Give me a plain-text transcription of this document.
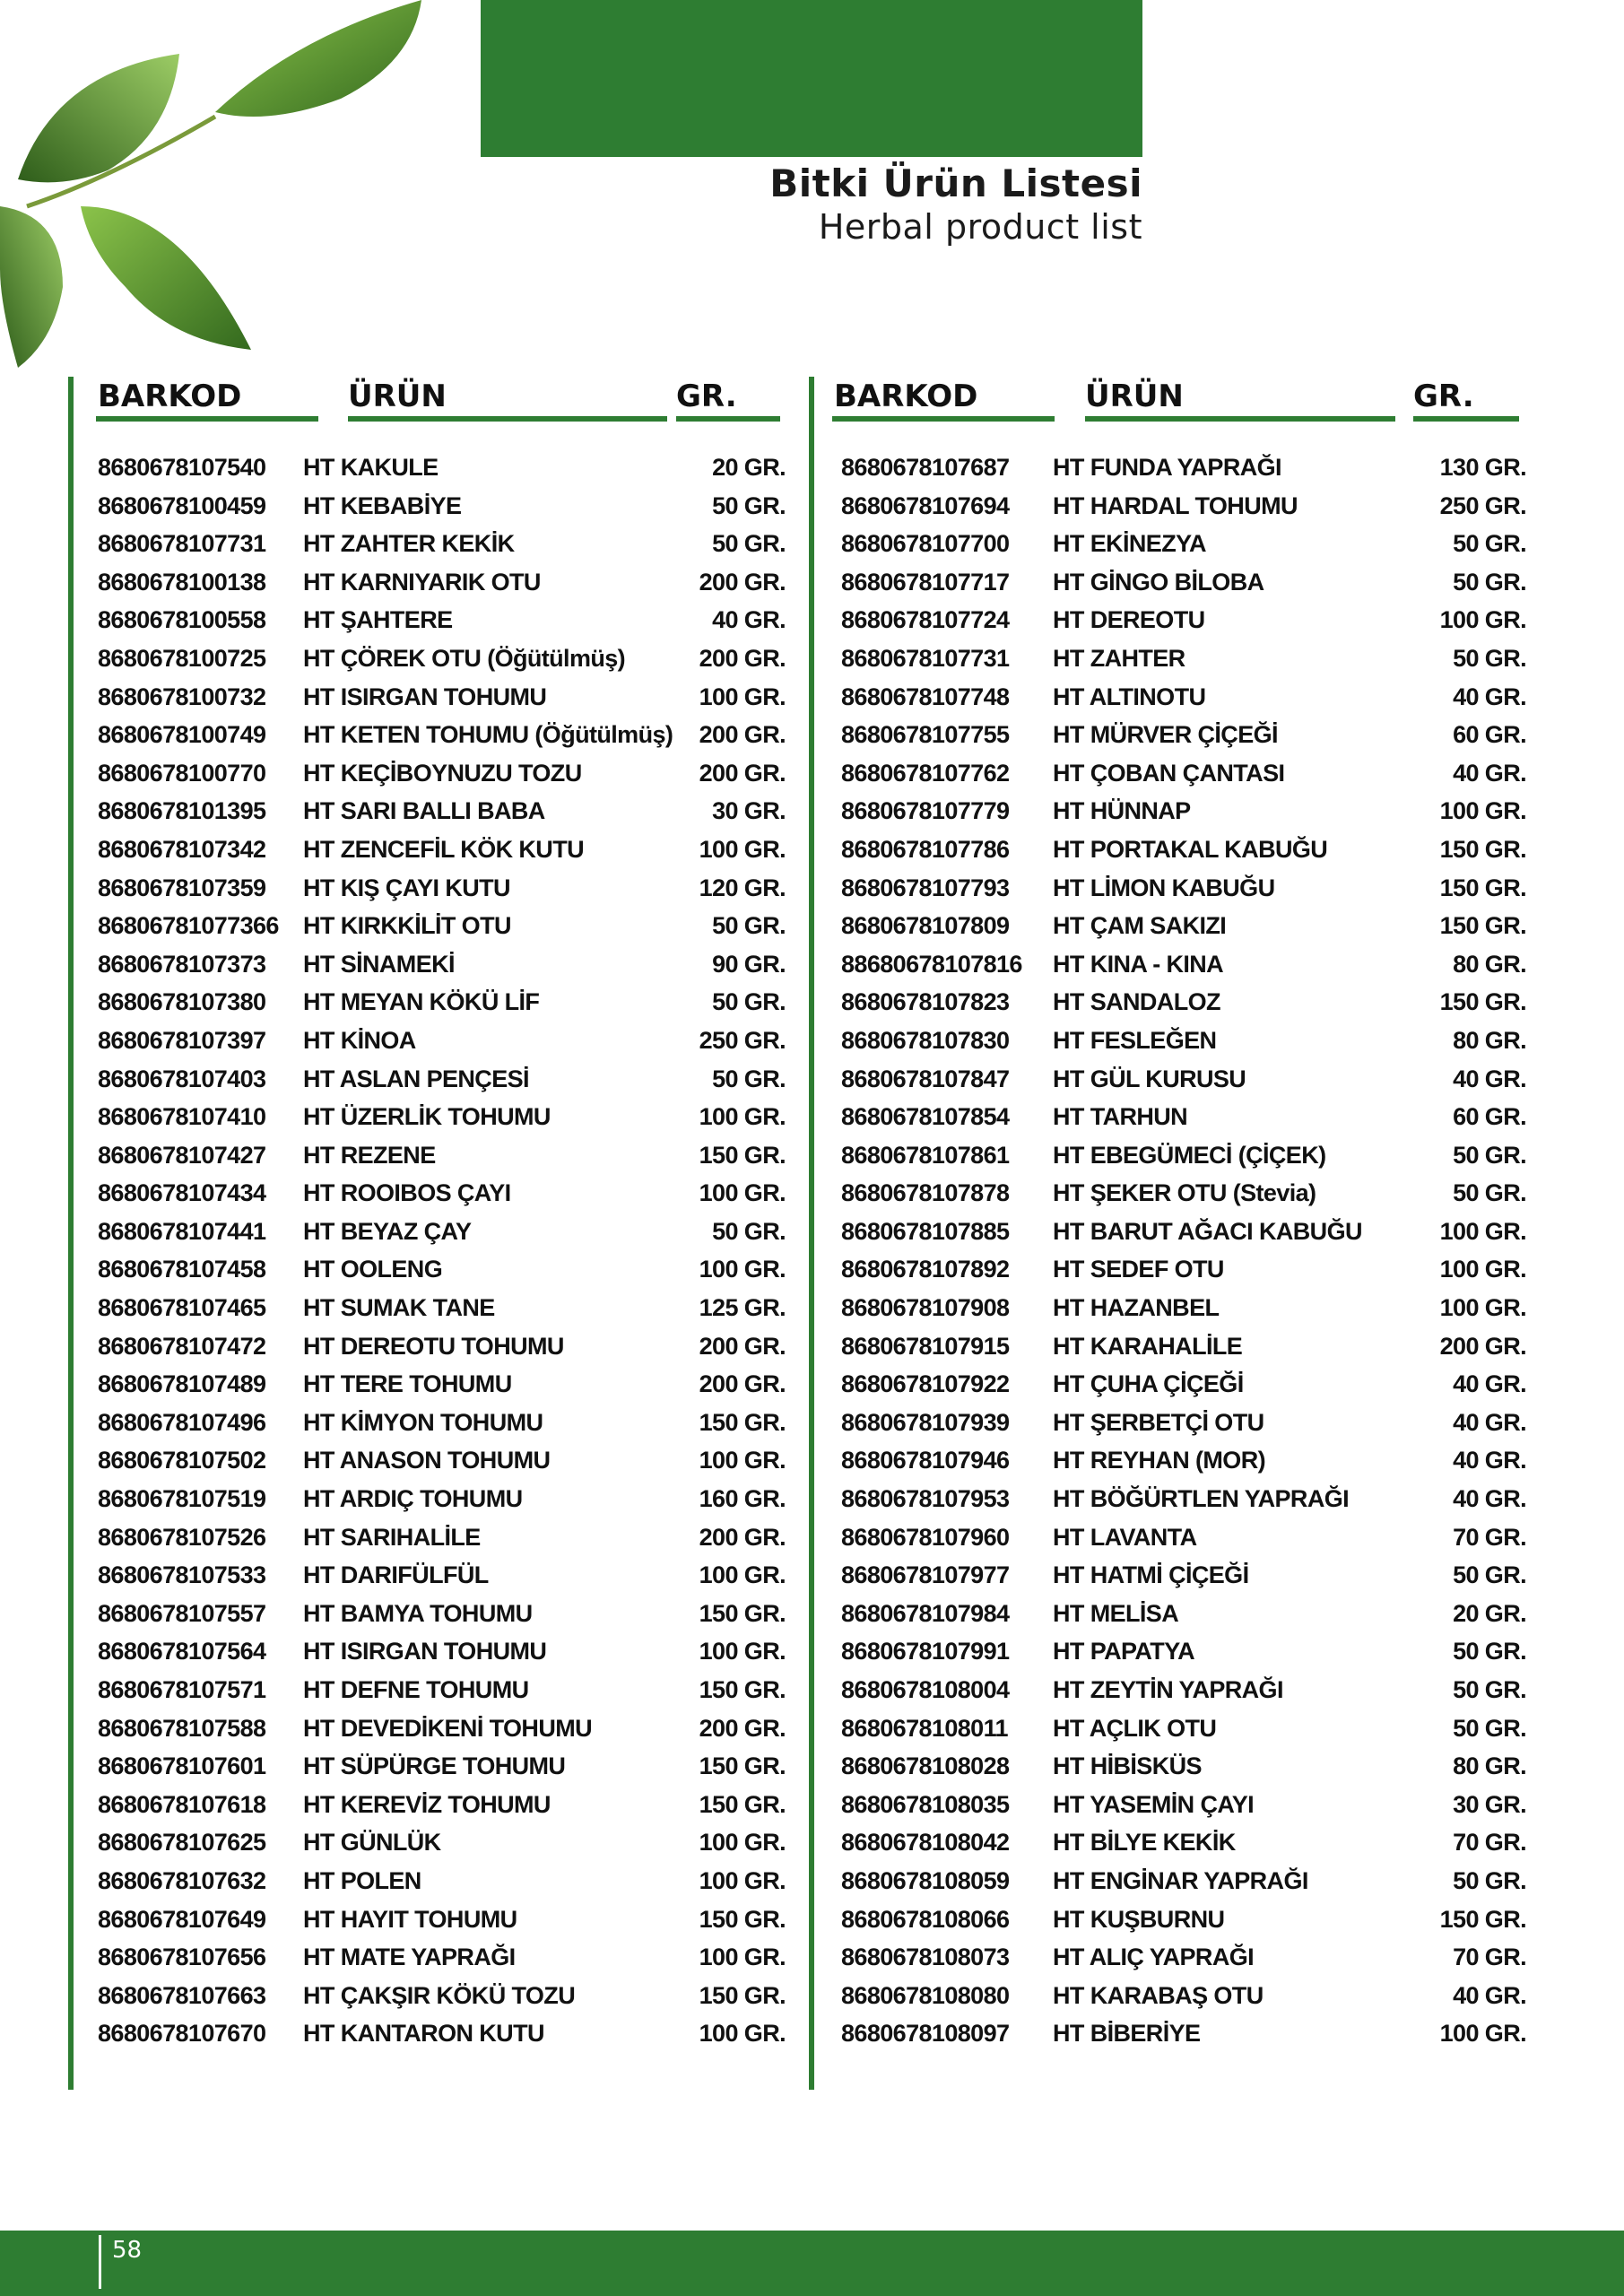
Bitki Ürün Listesi
Herbal product list
BARKOD	ÜRÜN	GR.
8680678107540 HT KAKULE	20 GR.
8680678100459 HT KEBABİYE	50 GR.
8680678107731 HT ZAHTER KEKİK	50 GR.
8680678100138 HT KARNIYARIK OTU	200 GR.
8680678100558 HT ŞAHTERE	40 GR.
8680678100725 HT ÇÖREK OTU (Öğütülmüş)	200 GR.
8680678100732 HT ISIRGAN TOHUMU	100 GR.
8680678100749 HT KETEN TOHUMU (Öğütülmüş)	200 GR.
8680678100770 HT KEÇİBOYNUZU TOZU	200 GR.
8680678101395 HT SARI BALLI BABA	30 GR.
8680678107342 HT ZENCEFİL KÖK KUTU	100 GR.
8680678107359 HT KIŞ ÇAYI KUTU	120 GR.
86806781077366 HT KIRKKİLİT OTU	50 GR.
8680678107373 HT SİNAMEKİ	90 GR.
8680678107380 HT MEYAN KÖKÜ LİF	50 GR.
8680678107397 HT KİNOA	250 GR.
8680678107403 HT ASLAN PENÇESİ	50 GR.
8680678107410 HT ÜZERLİK TOHUMU	100 GR.
8680678107427 HT REZENE	150 GR.
8680678107434 HT ROOIBOS ÇAYI	100 GR.
8680678107441 HT BEYAZ ÇAY	50 GR.
8680678107458 HT OOLENG	100 GR.
8680678107465 HT SUMAK TANE	125 GR.
8680678107472 HT DEREOTU TOHUMU	200 GR.
8680678107489 HT TERE TOHUMU	200 GR.
8680678107496 HT KİMYON TOHUMU	150 GR.
8680678107502 HT ANASON TOHUMU	100 GR.
8680678107519 HT ARDIÇ TOHUMU	160 GR.
8680678107526 HT SARIHALİLE	200 GR.
8680678107533 HT DARIFÜLFÜL	100 GR.
8680678107557 HT BAMYA TOHUMU	150 GR.
8680678107564 HT ISIRGAN TOHUMU	100 GR.
8680678107571 HT DEFNE TOHUMU	150 GR.
8680678107588 HT DEVEDİKENİ TOHUMU	200 GR.
8680678107601 HT SÜPÜRGE TOHUMU	150 GR.
8680678107618 HT KEREVİZ TOHUMU	150 GR.
8680678107625 HT GÜNLÜK	100 GR.
8680678107632 HT POLEN	100 GR.
8680678107649 HT HAYIT TOHUMU	150 GR.
8680678107656 HT MATE YAPRAĞI	100 GR.
8680678107663 HT ÇAKŞIR KÖKÜ TOZU	150 GR.
8680678107670 HT KANTARON KUTU	100 GR.
BARKOD	ÜRÜN	GR.
8680678107687 HT FUNDA YAPRAĞI	130 GR.
8680678107694 HT HARDAL TOHUMU	250 GR.
8680678107700 HT EKİNEZYA	50 GR.
8680678107717 HT GİNGO BİLOBA	50 GR.
8680678107724 HT DEREOTU	100 GR.
8680678107731 HT ZAHTER	50 GR.
8680678107748 HT ALTINOTU	40 GR.
8680678107755 HT MÜRVER ÇİÇEĞİ	60 GR.
8680678107762 HT ÇOBAN ÇANTASI	40 GR.
8680678107779 HT HÜNNAP	100 GR.
8680678107786 HT PORTAKAL KABUĞU	150 GR.
8680678107793 HT LİMON KABUĞU	150 GR.
8680678107809 HT ÇAM SAKIZI	150 GR.
88680678107816 HT KINA - KINA	80 GR.
8680678107823 HT SANDALOZ	150 GR.
8680678107830 HT FESLEĞEN	80 GR.
8680678107847 HT GÜL KURUSU	40 GR.
8680678107854 HT TARHUN	60 GR.
8680678107861 HT EBEGÜMECİ (ÇİÇEK)	50 GR.
8680678107878 HT ŞEKER OTU (Stevia)	50 GR.
8680678107885 HT BARUT AĞACI KABUĞU	100 GR.
8680678107892 HT SEDEF OTU	100 GR.
8680678107908 HT HAZANBEL	100 GR.
8680678107915 HT KARAHALİLE	200 GR.
8680678107922 HT ÇUHA ÇİÇEĞİ	40 GR.
8680678107939 HT ŞERBETÇİ OTU	40 GR.
8680678107946 HT REYHAN (MOR)	40 GR.
8680678107953 HT BÖĞÜRTLEN YAPRAĞI	40 GR.
8680678107960 HT LAVANTA	70 GR.
8680678107977 HT HATMİ ÇİÇEĞİ	50 GR.
8680678107984 HT MELİSA	20 GR.
8680678107991 HT PAPATYA	50 GR.
8680678108004 HT ZEYTİN YAPRAĞI	50 GR.
8680678108011 HT AÇLIK OTU	50 GR.
8680678108028 HT HİBİSKÜS	80 GR.
8680678108035 HT YASEMİN ÇAYI	30 GR.
8680678108042 HT BİLYE KEKİK	70 GR.
8680678108059 HT ENGİNAR YAPRAĞI	50 GR.
8680678108066 HT KUŞBURNU	150 GR.
8680678108073 HT ALIÇ YAPRAĞI	70 GR.
8680678108080 HT KARABAŞ OTU	40 GR.
8680678108097 HT BİBERİYE	100 GR.
58
